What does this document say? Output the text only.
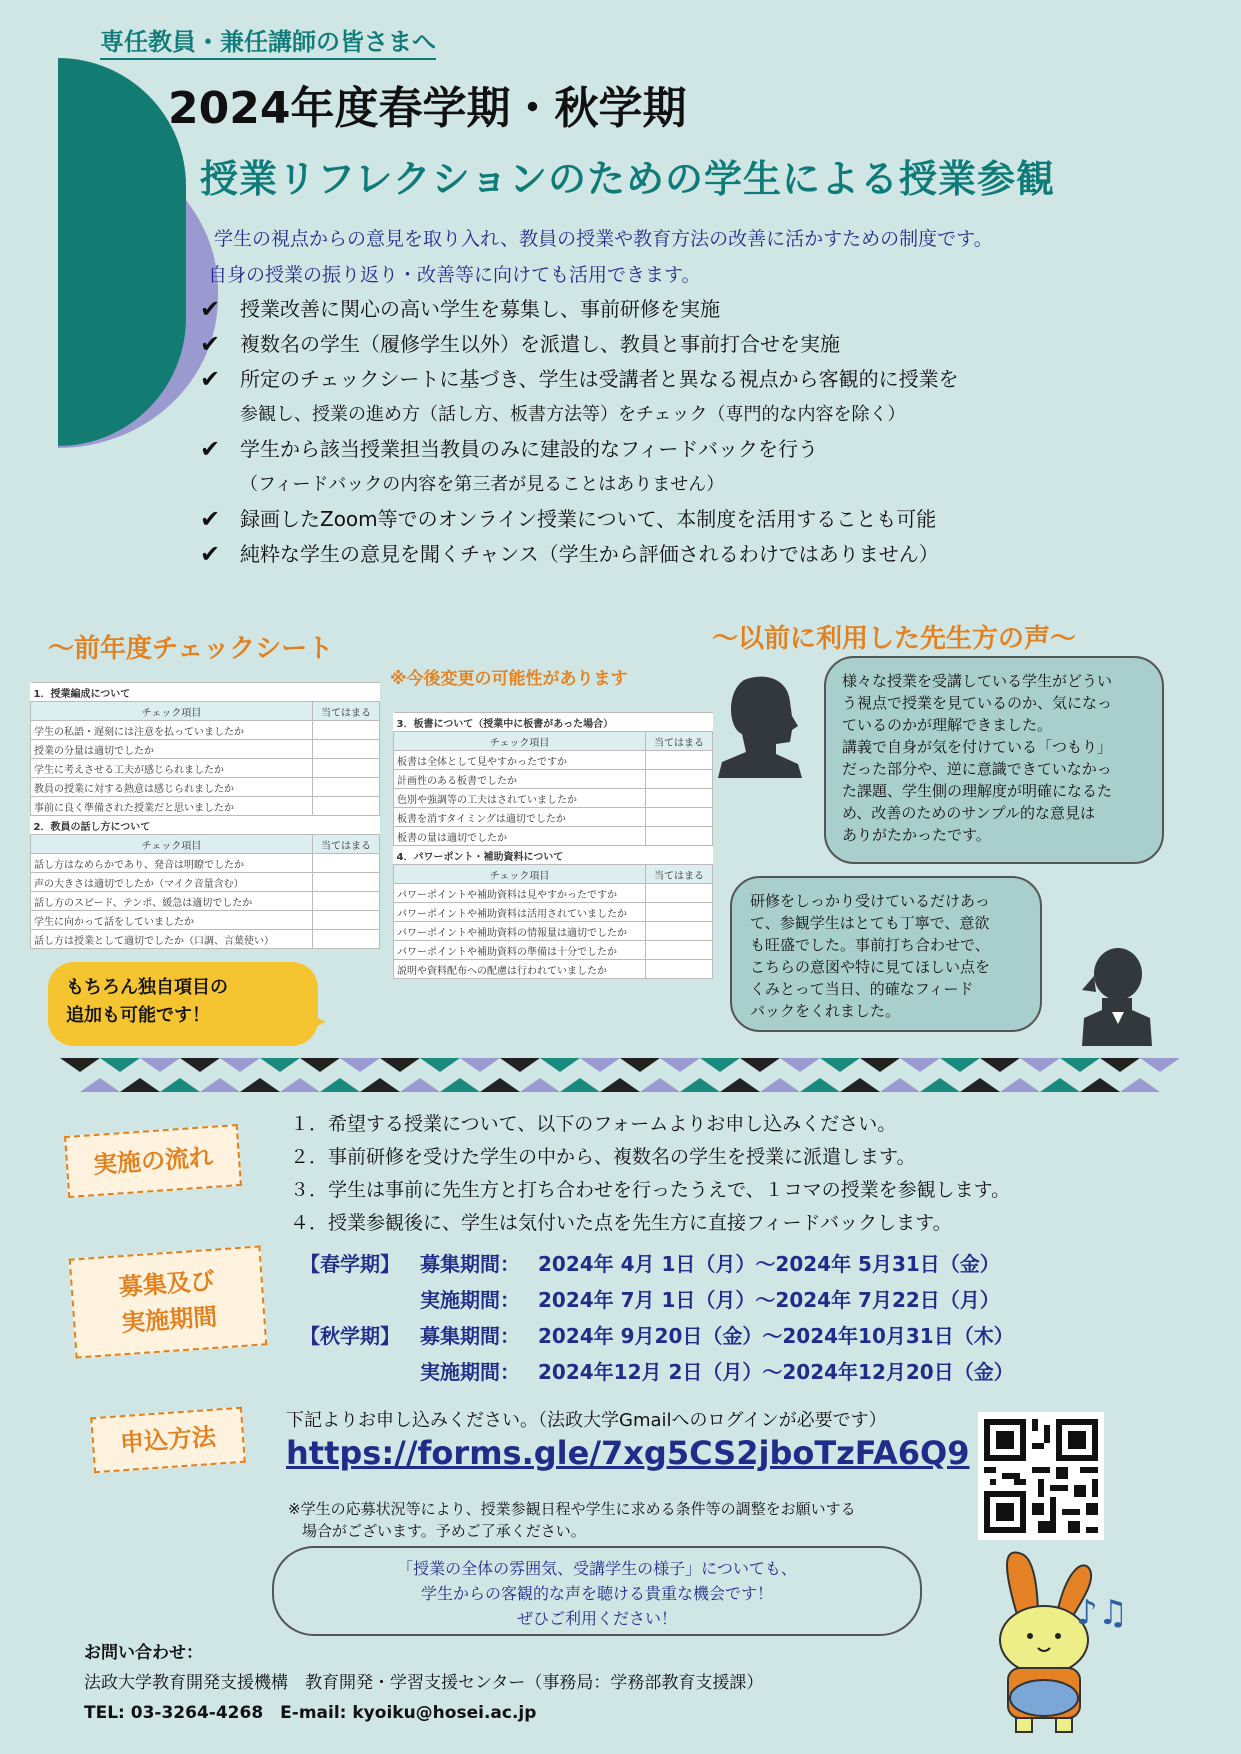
専任教員・兼任講師の皆さまへ
2024年度春学期・秋学期
授業リフレクションのための学生による授業参観
学生の視点からの意見を取り入れ、教員の授業や教育方法の改善に活かすための制度です。
自身の授業の振り返り・改善等に向けても活用できます。
✔ 授業改善に関心の高い学生を募集し、事前研修を実施
✔ 複数名の学生（履修学生以外）を派遣し、教員と事前打合せを実施
✔ 所定のチェックシートに基づき、学生は受講者と異なる視点から客観的に授業を
参観し、授業の進め方（話し方、板書方法等）をチェック（専門的な内容を除く）
✔ 学生から該当授業担当教員のみに建設的なフィードバックを行う
（フィードバックの内容を第三者が見ることはありません）
✔ 録画したZoom等でのオンライン授業について、本制度を活用することも可能
✔ 純粋な学生の意見を聞くチャンス（学生から評価されるわけではありません）
～前年度チェックシート
※今後変更の可能性があります
1．授業編成について	
チェック項目	当てはまる
学生の私語・遅刻には注意を払っていましたか	
授業の分量は適切でしたか	
学生に考えさせる工夫が感じられましたか	
教員の授業に対する熱意は感じられましたか	
事前に良く準備された授業だと思いましたか	
2．教員の話し方について	
チェック項目	当てはまる
話し方はなめらかであり、発音は明瞭でしたか	
声の大きさは適切でしたか（マイク音量含む）	
話し方のスピード、テンポ、緩急は適切でしたか	
学生に向かって話をしていましたか	
話し方は授業として適切でしたか（口調、言葉使い）	
3．板書について（授業中に板書があった場合）	
チェック項目	当てはまる
板書は全体として見やすかったですか	
計画性のある板書でしたか	
色別や強調等の工夫はされていましたか	
板書を消すタイミングは適切でしたか	
板書の量は適切でしたか	
4．パワーポント・補助資料について	
チェック項目	当てはまる
パワーポイントや補助資料は見やすかったですか	
パワーポイントや補助資料は活用されていましたか	
パワーポイントや補助資料の情報量は適切でしたか	
パワーポイントや補助資料の準備は十分でしたか	
説明や資料配布への配慮は行われていましたか	
もちろん独自項目の
追加も可能です！
～以前に利用した先生方の声～
様々な授業を受講している学生がどうい
う視点で授業を見ているのか、気になっ
ているのかが理解できました。
講義で自身が気を付けている「つもり」
だった部分や、逆に意識できていなかっ
た課題、学生側の理解度が明確になるた
め、改善のためのサンプル的な意見は
ありがたかったです。
研修をしっかり受けているだけあっ
て、参観学生はとても丁寧で、意欲
も旺盛でした。事前打ち合わせで、
こちらの意図や特に見てほしい点を
くみとって当日、的確なフィード
バックをくれました。
実施の流れ
１．希望する授業について、以下のフォームよりお申し込みください。
２．事前研修を受けた学生の中から、複数名の学生を授業に派遣します。
３．学生は事前に先生方と打ち合わせを行ったうえで、１コマの授業を参観します。
４．授業参観後に、学生は気付いた点を先生方に直接フィードバックします。
募集及び
実施期間
【春学期】	募集期間： 2024年 4月 1日（月）～2024年 5月31日（金）
実施期間： 2024年 7月 1日（月）～2024年 7月22日（月）
【秋学期】	募集期間： 2024年 9月20日（金）～2024年10月31日（木）
実施期間： 2024年12月 2日（月）～2024年12月20日（金）
申込方法
下記よりお申し込みください。（法政大学Gmailへのログインが必要です）
https://forms.gle/7xg5CS2jboTzFA6Q9
※学生の応募状況等により、授業参観日程や学生に求める条件等の調整をお願いする
場合がございます。予めご了承ください。
「授業の全体の雰囲気、受講学生の様子」についても、
学生からの客観的な声を聴ける貴重な機会です！
ぜひご利用ください！	♪♫
お問い合わせ：
法政大学教育開発支援機構　教育開発・学習支援センター（事務局：学務部教育支援課）
TEL: 03-3264-4268　E-mail: kyoiku@hosei.ac.jp
